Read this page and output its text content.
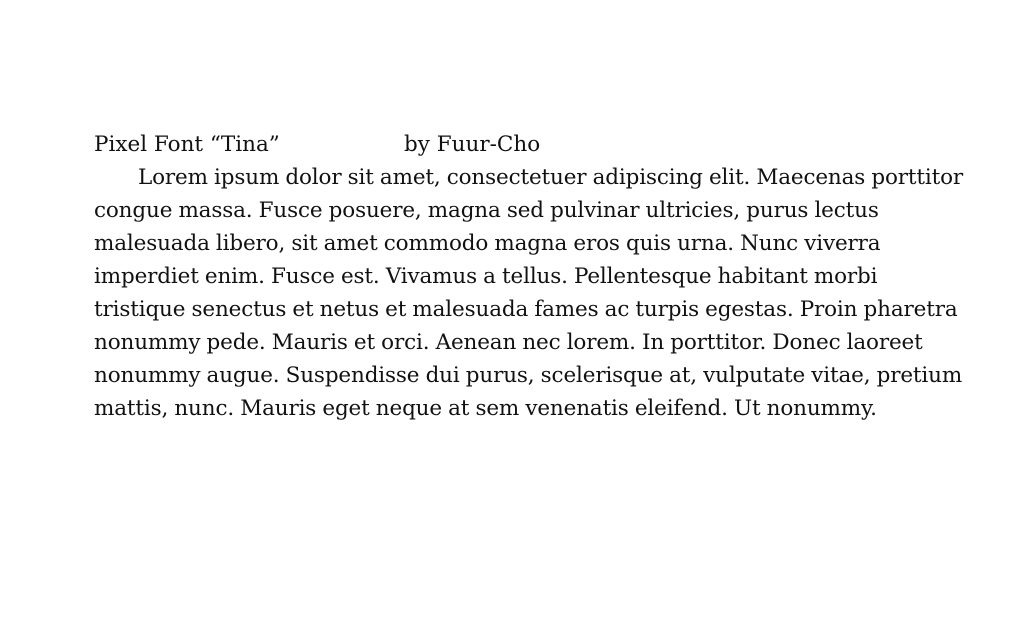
Pixel Font “Tina”	by Fuur-Cho

Lorem ipsum dolor sit amet, consectetuer adipiscing elit. Maecenas porttitor congue massa. Fusce posuere, magna sed pulvinar ultricies, purus lectus malesuada libero, sit amet commodo magna eros quis urna. Nunc viverra imperdiet enim. Fusce est. Vivamus a tellus. Pellentesque habitant morbi tristique senectus et netus et malesuada fames ac turpis egestas. Proin pharetra nonummy pede. Mauris et orci. Aenean nec lorem. In porttitor. Donec laoreet nonummy augue. Suspendisse dui purus, scelerisque at, vulputate vitae, pretium mattis, nunc. Mauris eget neque at sem venenatis eleifend. Ut nonummy.
